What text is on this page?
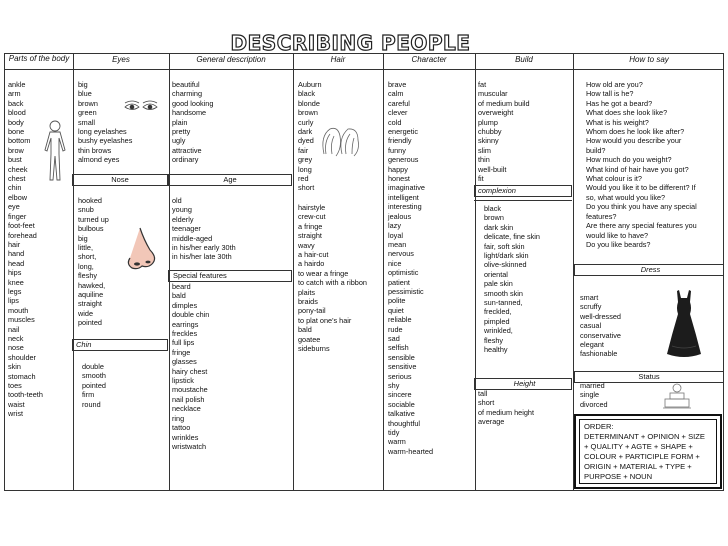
DESCRIBING PEOPLE
Parts of the body	Eyes	General description	Hair	Character	Build	How to say
ankle
arm
back
blood
body
bone
bottom
brow
bust
cheek
chest
chin
elbow
eye
finger
foot-feet
forehead
hair
hand
head
hips
knee
legs
lips
mouth
muscles
nail
neck
nose
shoulder
skin
stomach
toes
tooth-teeth
waist
wrist
big
blue
brown
green
small
long eyelashes
bushy eyelashes
thin brows
almond eyes
Nose
hooked
snub
turned up
bulbous
big
little,
short,
long,
fleshy
hawked,
aquiline
straight
wide
pointed
Chin
double
smooth
pointed
firm
round
beautiful
charming
good looking
handsome
plain
pretty
ugly
attractive
ordinary
Age
old
young
elderly
teenager
middle-aged
in his/her early 30th
in his/her late 30th
Special features
beard
bald
dimples
double chin
earrings
freckles
full lips
fringe
glasses
hairy chest
lipstick
moustache
nail polish
necklace
ring
tattoo
wrinkles
wristwatch
Auburn
black
blonde
brown
curly
dark
dyed
fair
grey
long
red
short
hairstyle
crew-cut
a fringe
straight
wavy
a hair-cut
a hairdo
to wear a fringe
to catch with a ribbon
plaits
braids
pony-tail
to plat one's hair
bald
goatee
sideburns
brave
calm
careful
clever
cold
energetic
friendly
funny
generous
happy
honest
imaginative
intelligent
interesting
jealous
lazy
loyal
mean
nervous
nice
optimistic
patient
pessimistic
polite
quiet
reliable
rude
sad
selfish
sensible
sensitive
serious
shy
sincere
sociable
talkative
thoughtful
tidy
warm
warm-hearted
fat
muscular
of medium build
overweight
plump
chubby
skinny
slim
thin
well-built
fit
complexion
black
brown
dark skin
delicate, fine skin
fair, soft skin
light/dark skin
olive-skinned
oriental
pale skin
smooth skin
sun-tanned,
freckled,
pimpled
wrinkled,
fleshy
healthy
Height
tall
short
of medium height
average
How old are you?
How tall is he?
Has he got a beard?
What does she look like?
What is his weight?
Whom does he look like after?
How would you describe your
build?
How much do you weight?
What kind of hair have you got?
What colour is it?
Would you like it to be different? If
so, what would you like?
Do you think you have any special
features?
Are there any special features you
would like to have?
Do you like beards?
Dress
smart
scruffy
well-dressed
casual
conservative
elegant
fashionable
Status
married
single
divorced
ORDER:
DETERMINANT + OPINION + SIZE
+ QUALITY + AGTE + SHAPE +
COLOUR + PARTICIPLE FORM +
ORIGIN + MATERIAL + TYPE +
PURPOSE + NOUN
